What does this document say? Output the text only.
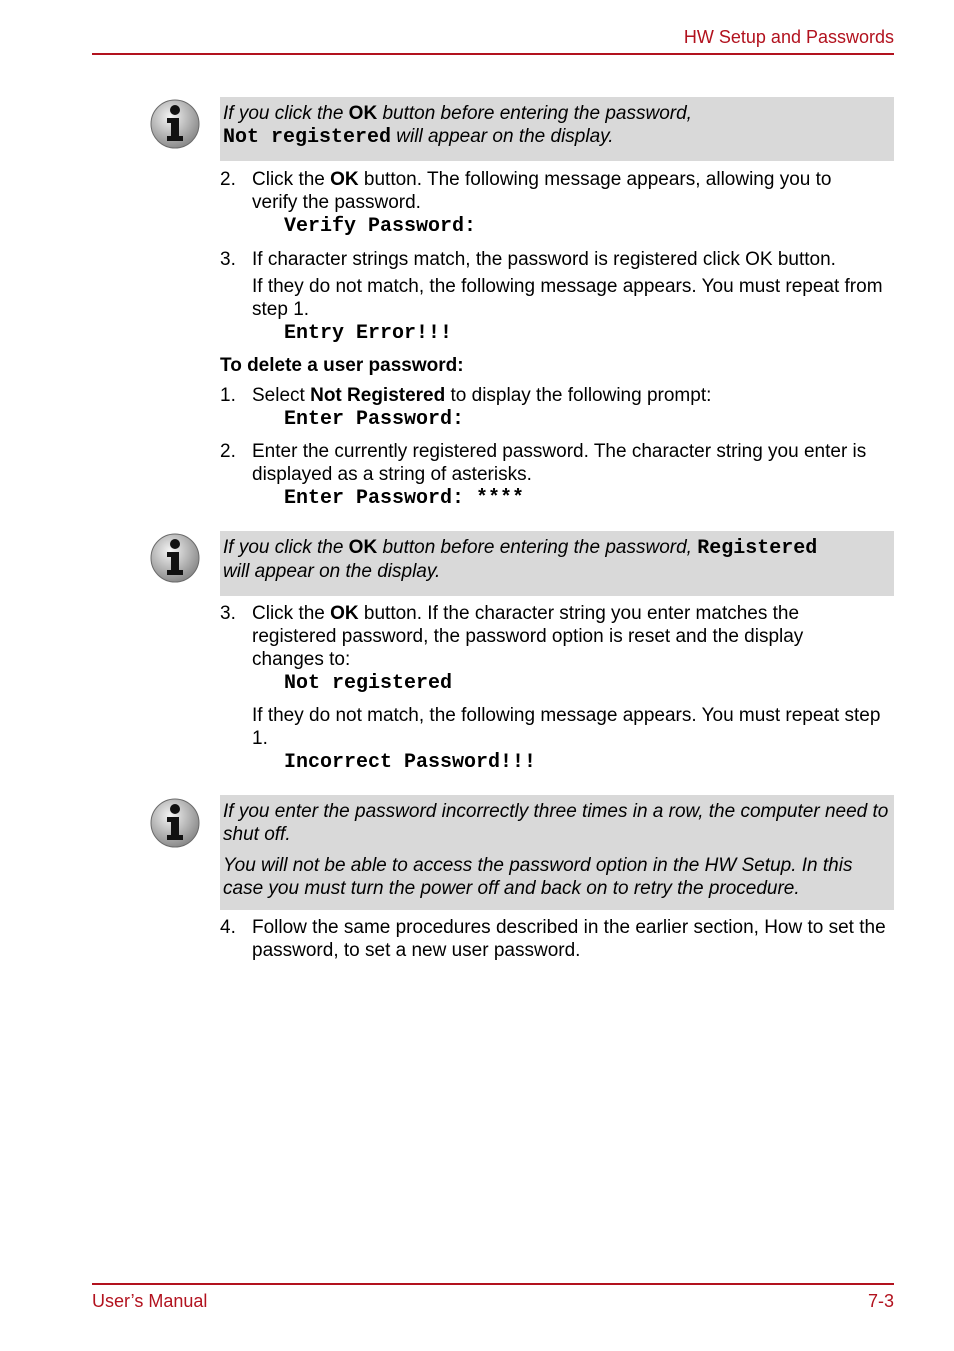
HW Setup and Passwords

If you click the OK button before entering the password,
Not registered will appear on the display.

2. Click the OK button. The following message appears, allowing you to verify the password.
Verify Password:
3. If character strings match, the password is registered click OK button.
If they do not match, the following message appears. You must repeat from step 1.
Entry Error!!!
To delete a user password:
1. Select Not Registered to display the following prompt:
Enter Password:
2. Enter the currently registered password. The character string you enter is displayed as a string of asterisks.
Enter Password: ****

If you click the OK button before entering the password, Registered
will appear on the display.

3. Click the OK button. If the character string you enter matches the registered password, the password option is reset and the display changes to:
Not registered
If they do not match, the following message appears. You must repeat step 1.
Incorrect Password!!!

If you enter the password incorrectly three times in a row, the computer need to shut off.

You will not be able to access the password option in the HW Setup. In this case you must turn the power off and back on to retry the procedure.

4. Follow the same procedures described in the earlier section, How to set the password, to set a new user password.
User’s Manual	7-3
